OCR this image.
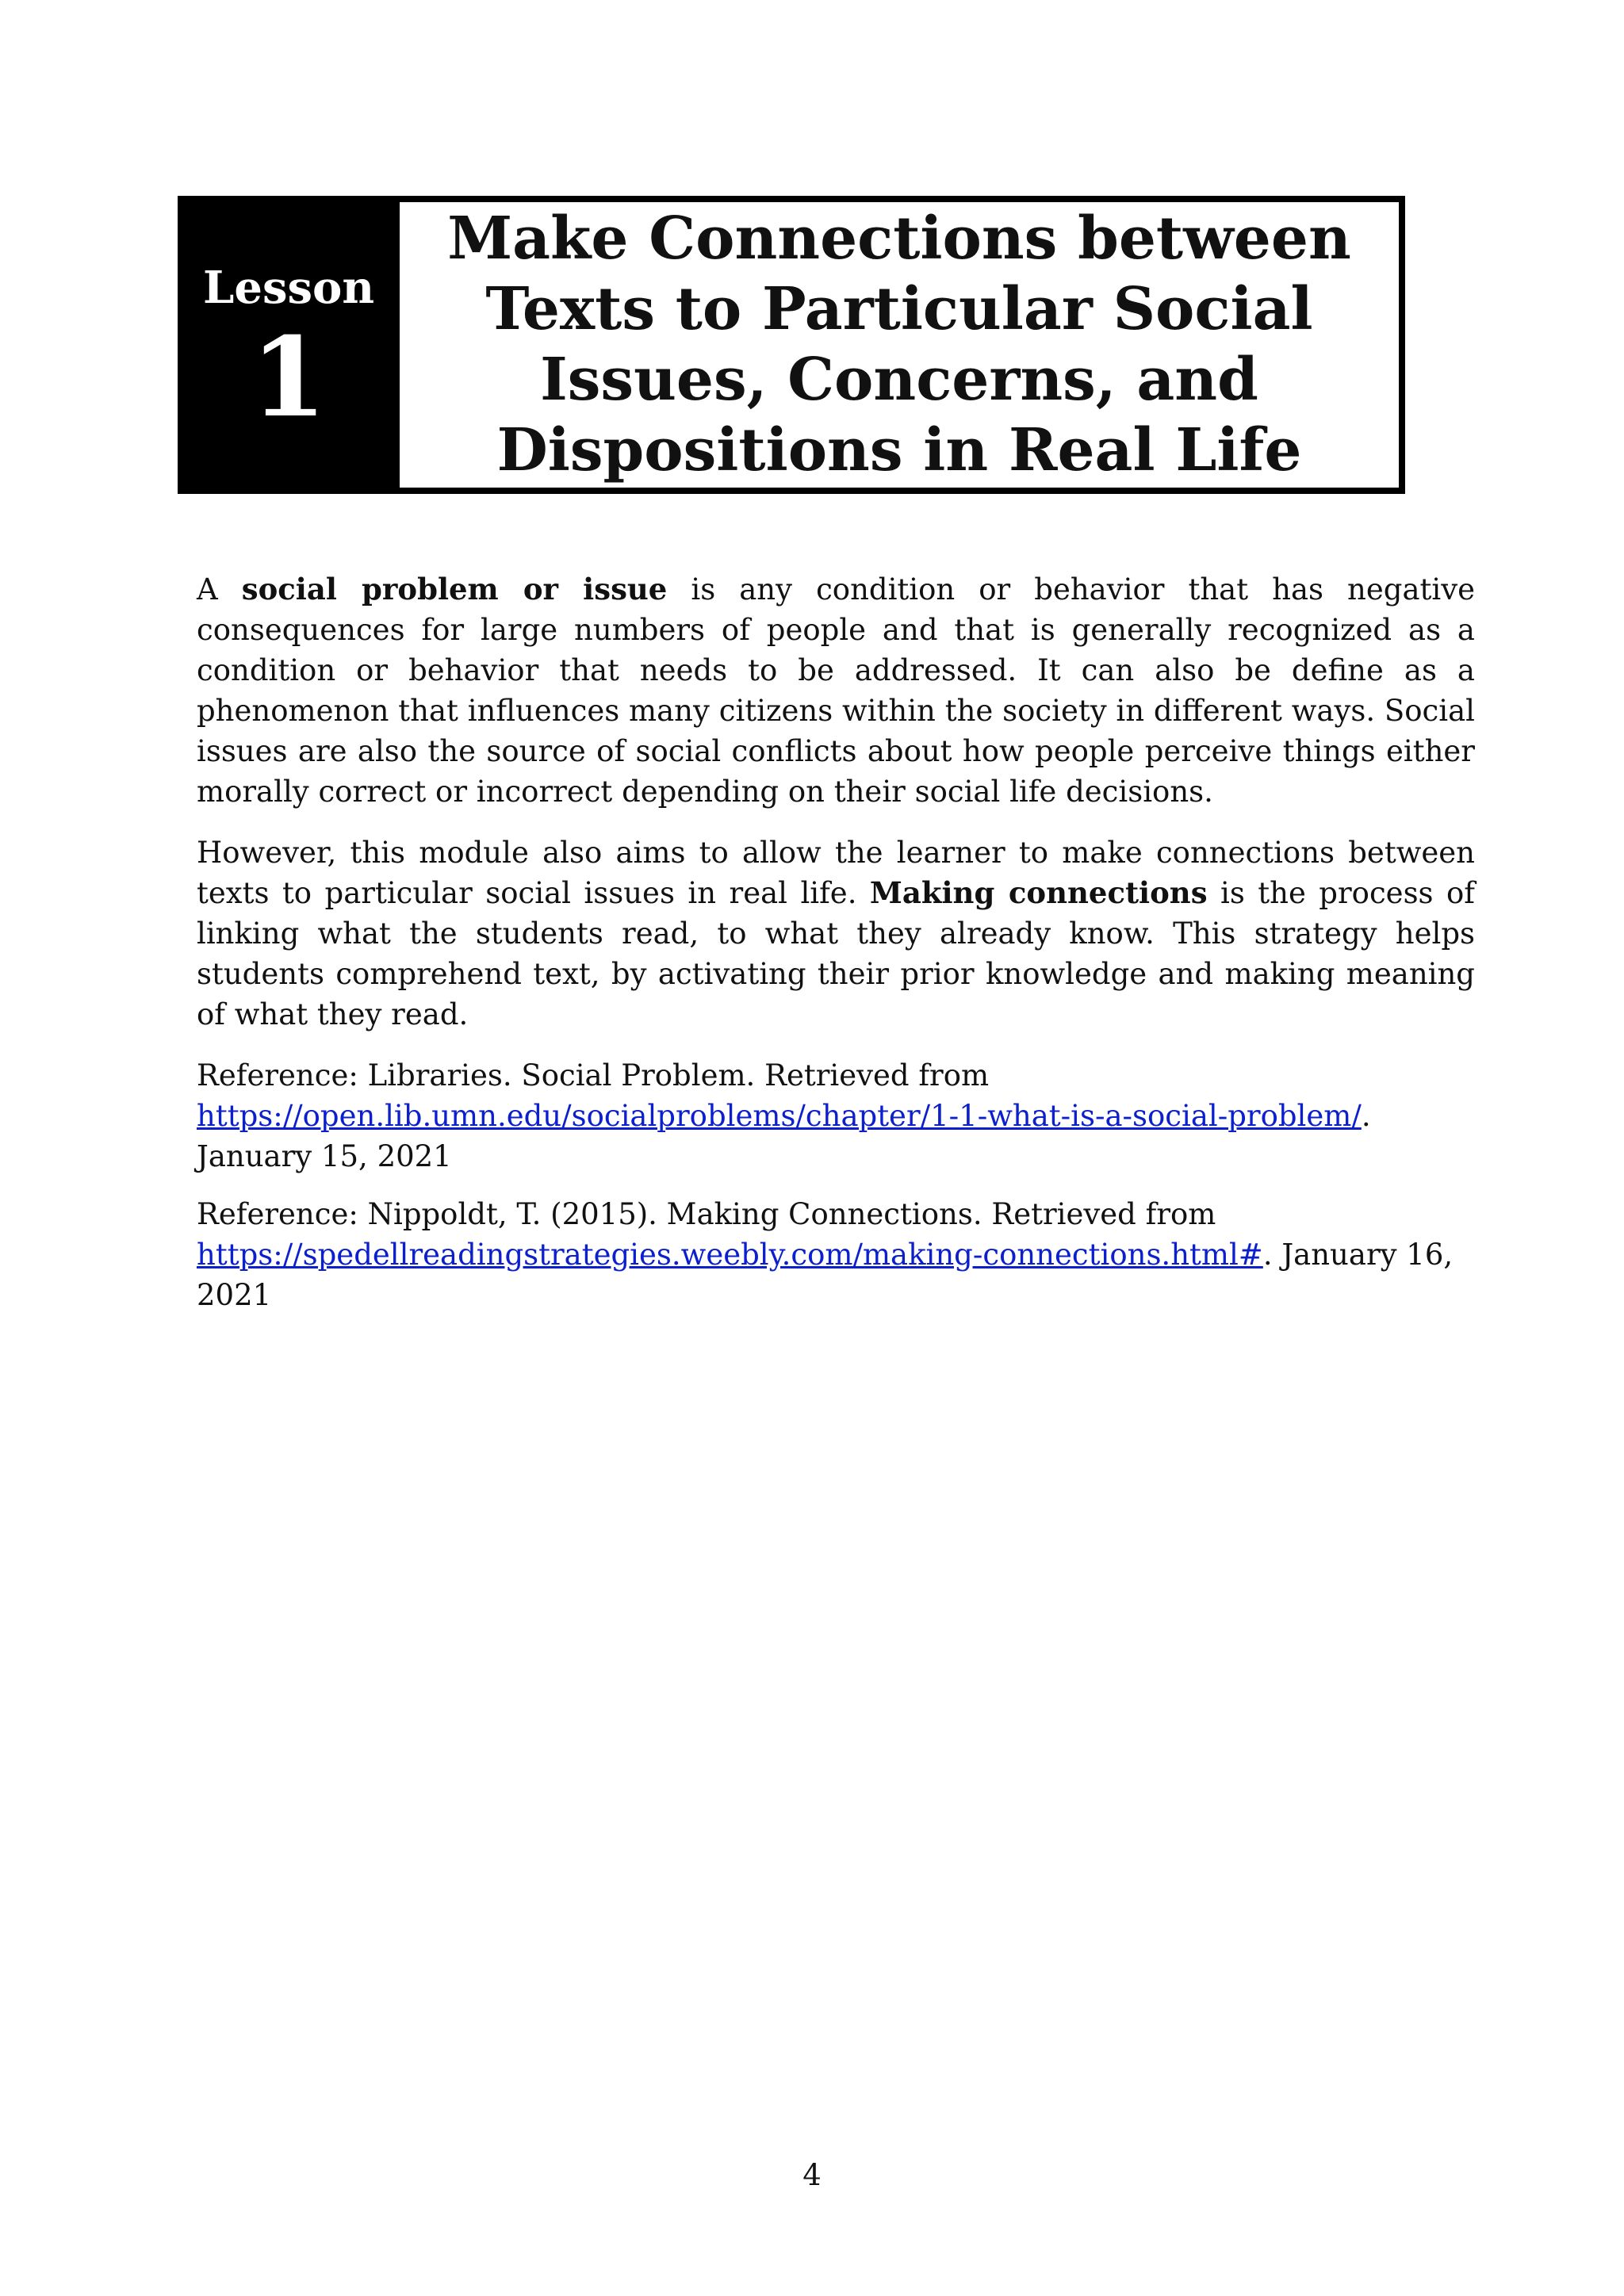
Lesson
1
Make Connections between Texts to Particular Social Issues, Concerns, and Dispositions in Real Life

A social problem or issue is any condition or behavior that has negative consequences for large numbers of people and that is generally recognized as a condition or behavior that needs to be addressed. It can also be define as a phenomenon that influences many citizens within the society in different ways. Social issues are also the source of social conflicts about how people perceive things either morally correct or incorrect depending on their social life decisions.

However, this module also aims to allow the learner to make connections between texts to particular social issues in real life. Making connections is the process of linking what the students read, to what they already know. This strategy helps students comprehend text, by activating their prior knowledge and making meaning of what they read.

Reference: Libraries. Social Problem. Retrieved from
https://open.lib.umn.edu/socialproblems/chapter/1-1-what-is-a-social-problem/.
January 15, 2021

Reference: Nippoldt, T. (2015). Making Connections. Retrieved from
https://spedellreadingstrategies.weebly.com/making-connections.html#. January 16, 2021

4
